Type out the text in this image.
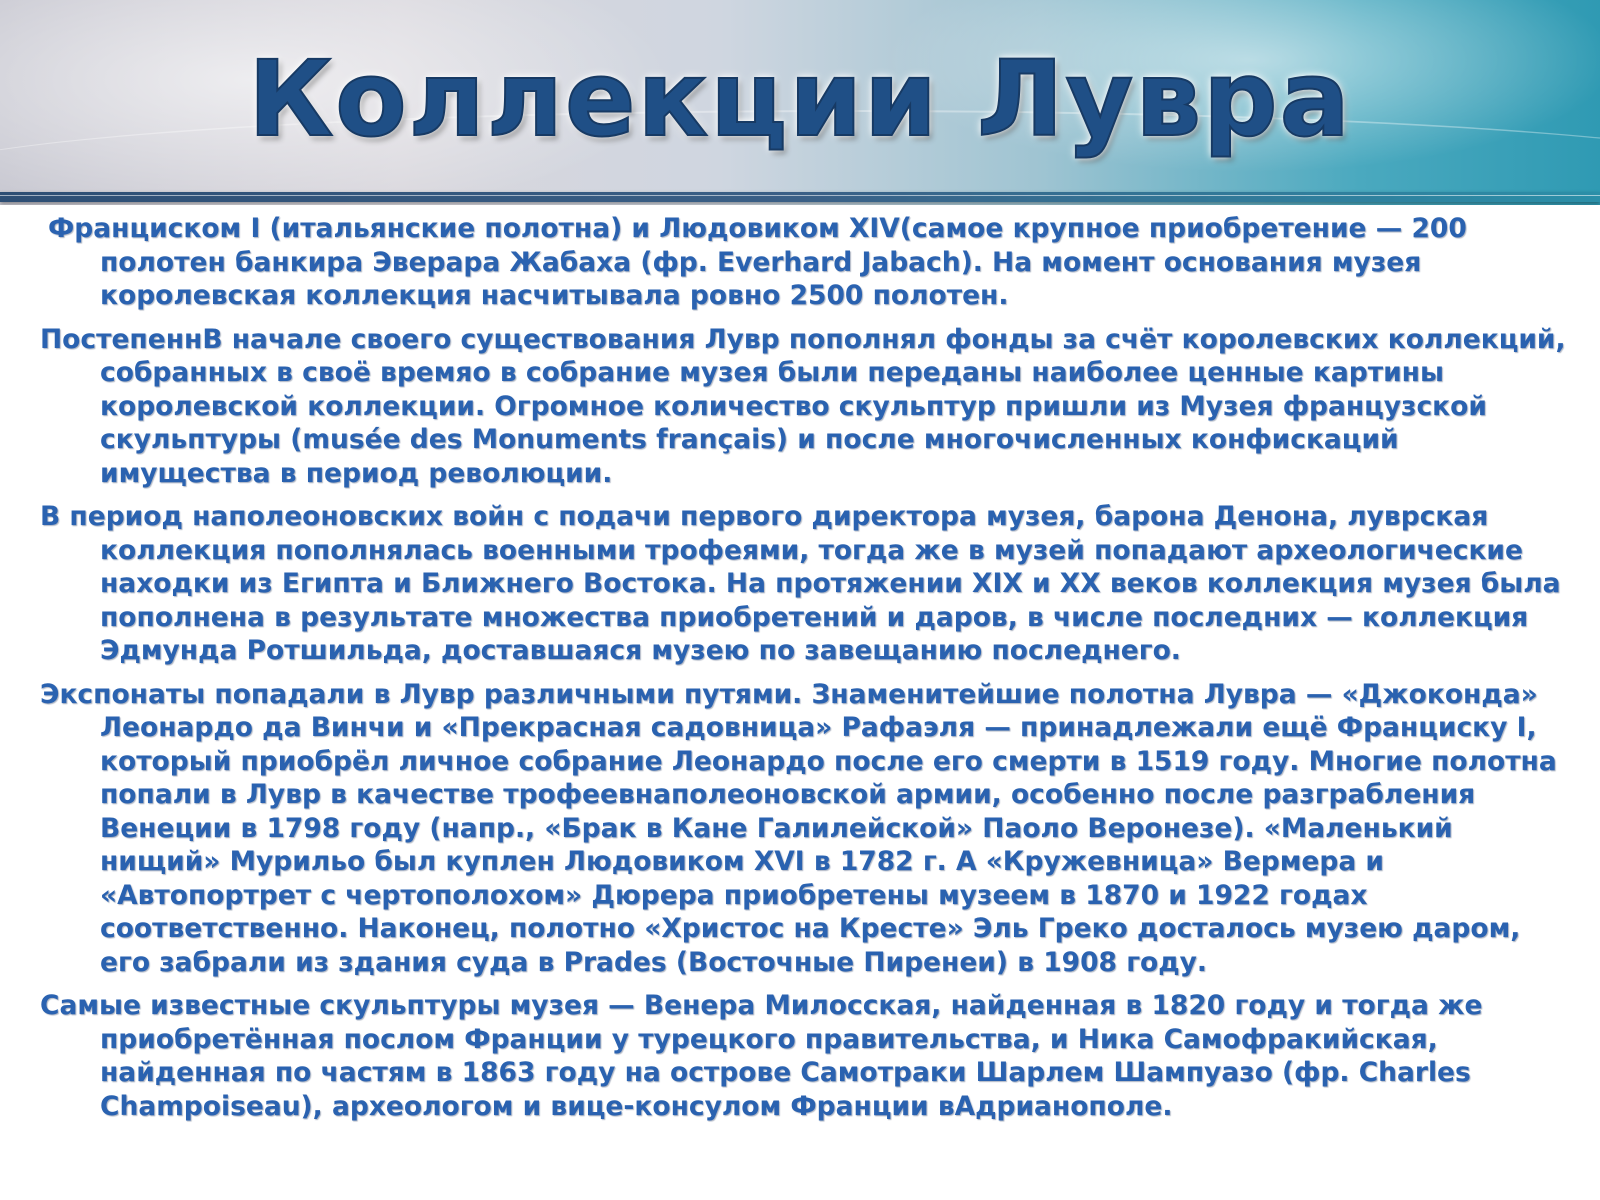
Коллекции Лувра

Франциском I (итальянские полотна) и Людовиком XIV(самое крупное приобретение — 200 полотен банкира Эверара Жабаха (фр. Everhard Jabach). На момент основания музея королевская коллекция насчитывала ровно 2500 полотен.

ПостепеннВ начале своего существования Лувр пополнял фонды за счёт королевских коллекций, собранных в своё времяо в собрание музея были переданы наиболее ценные картины королевской коллекции. Огромное количество скульптур пришли из Музея французской скульптуры (musée des Monuments français) и после многочисленных конфискаций имущества в период революции.

В период наполеоновских войн с подачи первого директора музея, барона Денона, луврская коллекция пополнялась военными трофеями, тогда же в музей попадают археологические находки из Египта и Ближнего Востока. На протяжении XIX и XX веков коллекция музея была пополнена в результате множества приобретений и даров, в числе последних — коллекция Эдмунда Ротшильда, доставшаяся музею по завещанию последнего.

Экспонаты попадали в Лувр различными путями. Знаменитейшие полотна Лувра — «Джоконда» Леонардо да Винчи и «Прекрасная садовница» Рафаэля — принадлежали ещё Франциску I, который приобрёл личное собрание Леонардо после его смерти в 1519 году. Многие полотна попали в Лувр в качестве трофеевнаполеоновской армии, особенно после разграбления Венеции в 1798 году (напр., «Брак в Кане Галилейской» Паоло Веронезе). «Маленький нищий» Мурильо был куплен Людовиком XVI в 1782 г. А «Кружевница» Вермера и «Автопортрет с чертополохом» Дюрера приобретены музеем в 1870 и 1922 годах соответственно. Наконец, полотно «Христос на Кресте» Эль Греко досталось музею даром, его забрали из здания суда в Prades (Восточные Пиренеи) в 1908 году.

Самые известные скульптуры музея — Венера Милосская, найденная в 1820 году и тогда же приобретённая послом Франции у турецкого правительства, и Ника Самофракийская, найденная по частям в 1863 году на острове Самотраки Шарлем Шампуазо (фр. Charles Champoiseau), археологом и вице-консулом Франции вАдрианополе.
